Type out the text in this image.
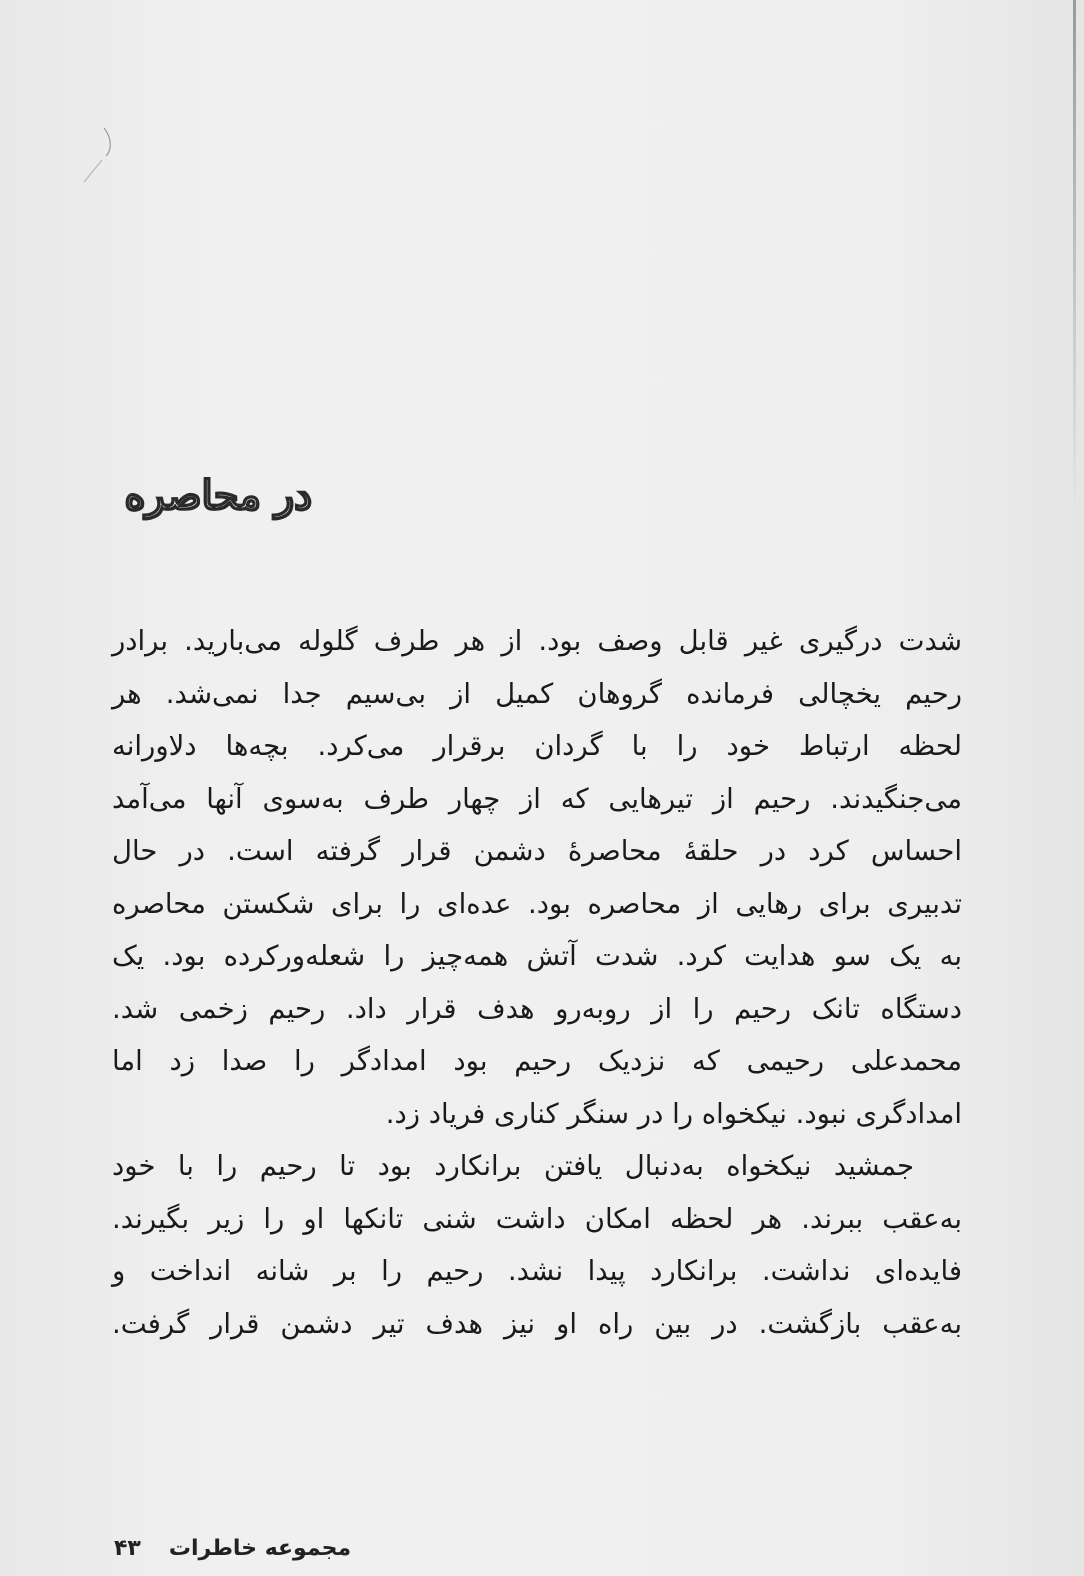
در محاصره

شدت درگیری غیر قابل وصف بود. از هر طرف گلوله می‌بارید. برادر
رحیم یخچالی فرمانده گروهان کمیل از بی‌سیم جدا نمی‌شد. هر
لحظه ارتباط خود را با گردان برقرار می‌کرد. بچه‌ها دلاورانه
می‌جنگیدند. رحیم از تیرهایی که از چهار طرف به‌سوی آنها می‌آمد
احساس کرد در حلقهٔ محاصرهٔ دشمن قرار گرفته است. در حال
تدبیری برای رهایی از محاصره بود. عده‌ای را برای شکستن محاصره
به یک سو هدایت کرد. شدت آتش همه‌چیز را شعله‌ورکرده بود. یک
دستگاه تانک رحیم را از روبه‌رو هدف قرار داد. رحیم زخمی شد.
محمدعلی رحیمی که نزدیک رحیم بود امدادگر را صدا زد اما
امدادگری نبود. نیکخواه را در سنگر کناری فریاد زد.

جمشید نیکخواه به‌دنبال یافتن برانکارد بود تا رحیم را با خود
به‌عقب ببرند. هر لحظه امکان داشت شنی تانکها او را زیر بگیرند.
فایده‌ای نداشت. برانکارد پیدا نشد. رحیم را بر شانه انداخت و
به‌عقب بازگشت. در بین راه او نیز هدف تیر دشمن قرار گرفت.

مجموعه خاطرات۴۳
